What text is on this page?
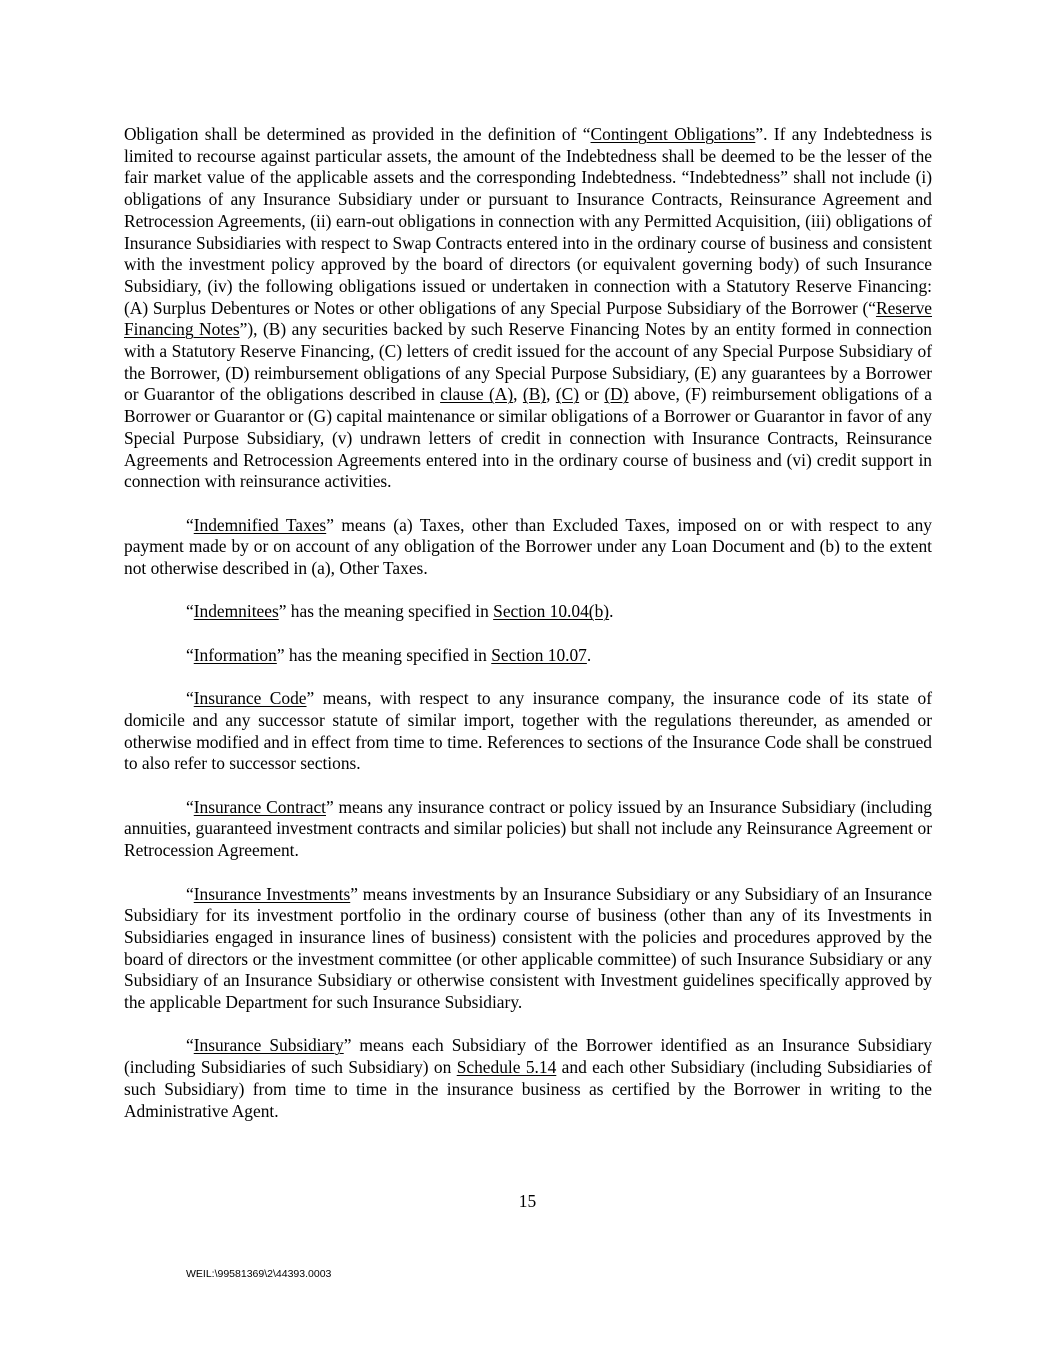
Obligation shall be determined as provided in the definition of “Contingent Obligations”. If any Indebtedness is limited to recourse against particular assets, the amount of the Indebtedness shall be deemed to be the lesser of the fair market value of the applicable assets and the corresponding Indebtedness. “Indebtedness” shall not include (i) obligations of any Insurance Subsidiary under or pursuant to Insurance Contracts, Reinsurance Agreement and Retrocession Agreements, (ii) earn-out obligations in connection with any Permitted Acquisition, (iii) obligations of Insurance Subsidiaries with respect to Swap Contracts entered into in the ordinary course of business and consistent with the investment policy approved by the board of directors (or equivalent governing body) of such Insurance Subsidiary, (iv) the following obligations issued or undertaken in connection with a Statutory Reserve Financing: (A) Surplus Debentures or Notes or other obligations of any Special Purpose Subsidiary of the Borrower (“Reserve Financing Notes”), (B) any securities backed by such Reserve Financing Notes by an entity formed in connection with a Statutory Reserve Financing, (C) letters of credit issued for the account of any Special Purpose Subsidiary of the Borrower, (D) reimbursement obligations of any Special Purpose Subsidiary, (E) any guarantees by a Borrower or Guarantor of the obligations described in clause (A), (B), (C) or (D) above, (F) reimbursement obligations of a Borrower or Guarantor or (G) capital maintenance or similar obligations of a Borrower or Guarantor in favor of any Special Purpose Subsidiary, (v) undrawn letters of credit in connection with Insurance Contracts, Reinsurance Agreements and Retrocession Agreements entered into in the ordinary course of business and (vi) credit support in connection with reinsurance activities.

“Indemnified Taxes” means (a) Taxes, other than Excluded Taxes, imposed on or with respect to any payment made by or on account of any obligation of the Borrower under any Loan Document and (b) to the extent not otherwise described in (a), Other Taxes.

“Indemnitees” has the meaning specified in Section 10.04(b).

“Information” has the meaning specified in Section 10.07.

“Insurance Code” means, with respect to any insurance company, the insurance code of its state of domicile and any successor statute of similar import, together with the regulations thereunder, as amended or otherwise modified and in effect from time to time. References to sections of the Insurance Code shall be construed to also refer to successor sections.

“Insurance Contract” means any insurance contract or policy issued by an Insurance Subsidiary (including annuities, guaranteed investment contracts and similar policies) but shall not include any Reinsurance Agreement or Retrocession Agreement.

“Insurance Investments” means investments by an Insurance Subsidiary or any Subsidiary of an Insurance Subsidiary for its investment portfolio in the ordinary course of business (other than any of its Investments in Subsidiaries engaged in insurance lines of business) consistent with the policies and procedures approved by the board of directors or the investment committee (or other applicable committee) of such Insurance Subsidiary or any Subsidiary of an Insurance Subsidiary or otherwise consistent with Investment guidelines specifically approved by the applicable Department for such Insurance Subsidiary.

“Insurance Subsidiary” means each Subsidiary of the Borrower identified as an Insurance Subsidiary (including Subsidiaries of such Subsidiary) on Schedule 5.14 and each other Subsidiary (including Subsidiaries of such Subsidiary) from time to time in the insurance business as certified by the Borrower in writing to the Administrative Agent.

15
WEIL:\99581369\2\44393.0003
